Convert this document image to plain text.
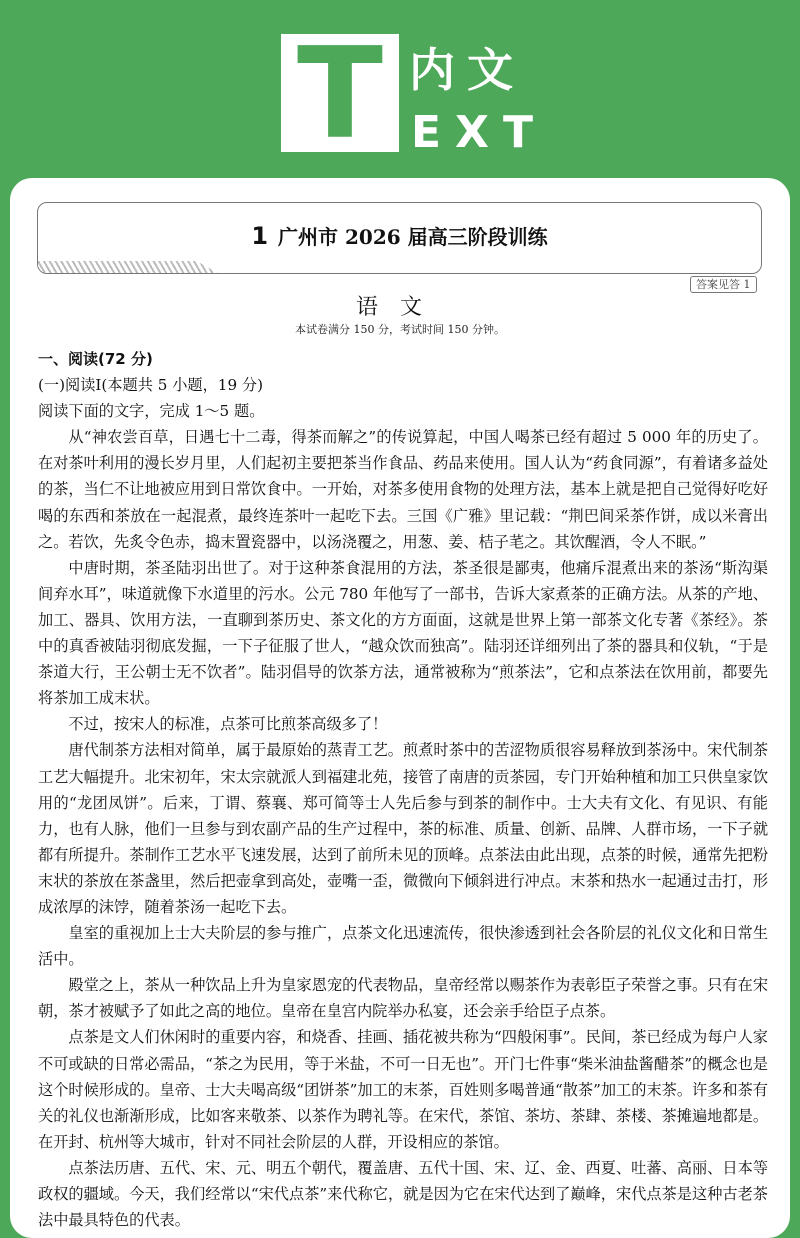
T 内文
EXT
1 广州市 2026 届高三阶段训练
答案见答 1
语文
本试卷满分 150 分，考试时间 150 分钟。

一、阅读(72 分)

(一)阅读Ⅰ(本题共 5 小题，19 分)

阅读下面的文字，完成 1～5 题。

从“神农尝百草，日遇七十二毒，得茶而解之”的传说算起，中国人喝茶已经有超过 5 000 年的历史了。在对茶叶利用的漫长岁月里，人们起初主要把茶当作食品、药品来使用。国人认为“药食同源”，有着诸多益处的茶，当仁不让地被应用到日常饮食中。一开始，对茶多使用食物的处理方法，基本上就是把自己觉得好吃好喝的东西和茶放在一起混煮，最终连茶叶一起吃下去。三国《广雅》里记载：“荆巴间采茶作饼，成以米膏出之。若饮，先炙令色赤，捣末置瓷器中，以汤浇覆之，用葱、姜、桔子芼之。其饮醒酒，令人不眠。”

中唐时期，茶圣陆羽出世了。对于这种茶食混用的方法，茶圣很是鄙夷，他痛斥混煮出来的茶汤“斯沟渠间弃水耳”，味道就像下水道里的污水。公元 780 年他写了一部书，告诉大家煮茶的正确方法。从茶的产地、加工、器具、饮用方法，一直聊到茶历史、茶文化的方方面面，这就是世界上第一部茶文化专著《茶经》。茶中的真香被陆羽彻底发掘，一下子征服了世人，“越众饮而独高”。陆羽还详细列出了茶的器具和仪轨，“于是茶道大行，王公朝士无不饮者”。陆羽倡导的饮茶方法，通常被称为“煎茶法”，它和点茶法在饮用前，都要先将茶加工成末状。

不过，按宋人的标准，点茶可比煎茶高级多了！

唐代制茶方法相对简单，属于最原始的蒸青工艺。煎煮时茶中的苦涩物质很容易释放到茶汤中。宋代制茶工艺大幅提升。北宋初年，宋太宗就派人到福建北苑，接管了南唐的贡茶园，专门开始种植和加工只供皇家饮用的“龙团凤饼”。后来，丁谓、蔡襄、郑可简等士人先后参与到茶的制作中。士大夫有文化、有见识、有能力，也有人脉，他们一旦参与到农副产品的生产过程中，茶的标准、质量、创新、品牌、人群市场，一下子就都有所提升。茶制作工艺水平飞速发展，达到了前所未见的顶峰。点茶法由此出现，点茶的时候，通常先把粉末状的茶放在茶盏里，然后把壶拿到高处，壶嘴一歪，微微向下倾斜进行冲点。末茶和热水一起通过击打，形成浓厚的沫饽，随着茶汤一起吃下去。

皇室的重视加上士大夫阶层的参与推广，点茶文化迅速流传，很快渗透到社会各阶层的礼仪文化和日常生活中。

殿堂之上，茶从一种饮品上升为皇家恩宠的代表物品，皇帝经常以赐茶作为表彰臣子荣誉之事。只有在宋朝，茶才被赋予了如此之高的地位。皇帝在皇宫内院举办私宴，还会亲手给臣子点茶。

点茶是文人们休闲时的重要内容，和烧香、挂画、插花被共称为“四般闲事”。民间，茶已经成为每户人家不可或缺的日常必需品，“茶之为民用，等于米盐，不可一日无也”。开门七件事“柴米油盐酱醋茶”的概念也是这个时候形成的。皇帝、士大夫喝高级“团饼茶”加工的末茶，百姓则多喝普通“散茶”加工的末茶。许多和茶有关的礼仪也渐渐形成，比如客来敬茶、以茶作为聘礼等。在宋代，茶馆、茶坊、茶肆、茶楼、茶摊遍地都是。在开封、杭州等大城市，针对不同社会阶层的人群，开设相应的茶馆。

点茶法历唐、五代、宋、元、明五个朝代，覆盖唐、五代十国、宋、辽、金、西夏、吐蕃、高丽、日本等政权的疆域。今天，我们经常以“宋代点茶”来代称它，就是因为它在宋代达到了巅峰，宋代点茶是这种古老茶法中最具特色的代表。
